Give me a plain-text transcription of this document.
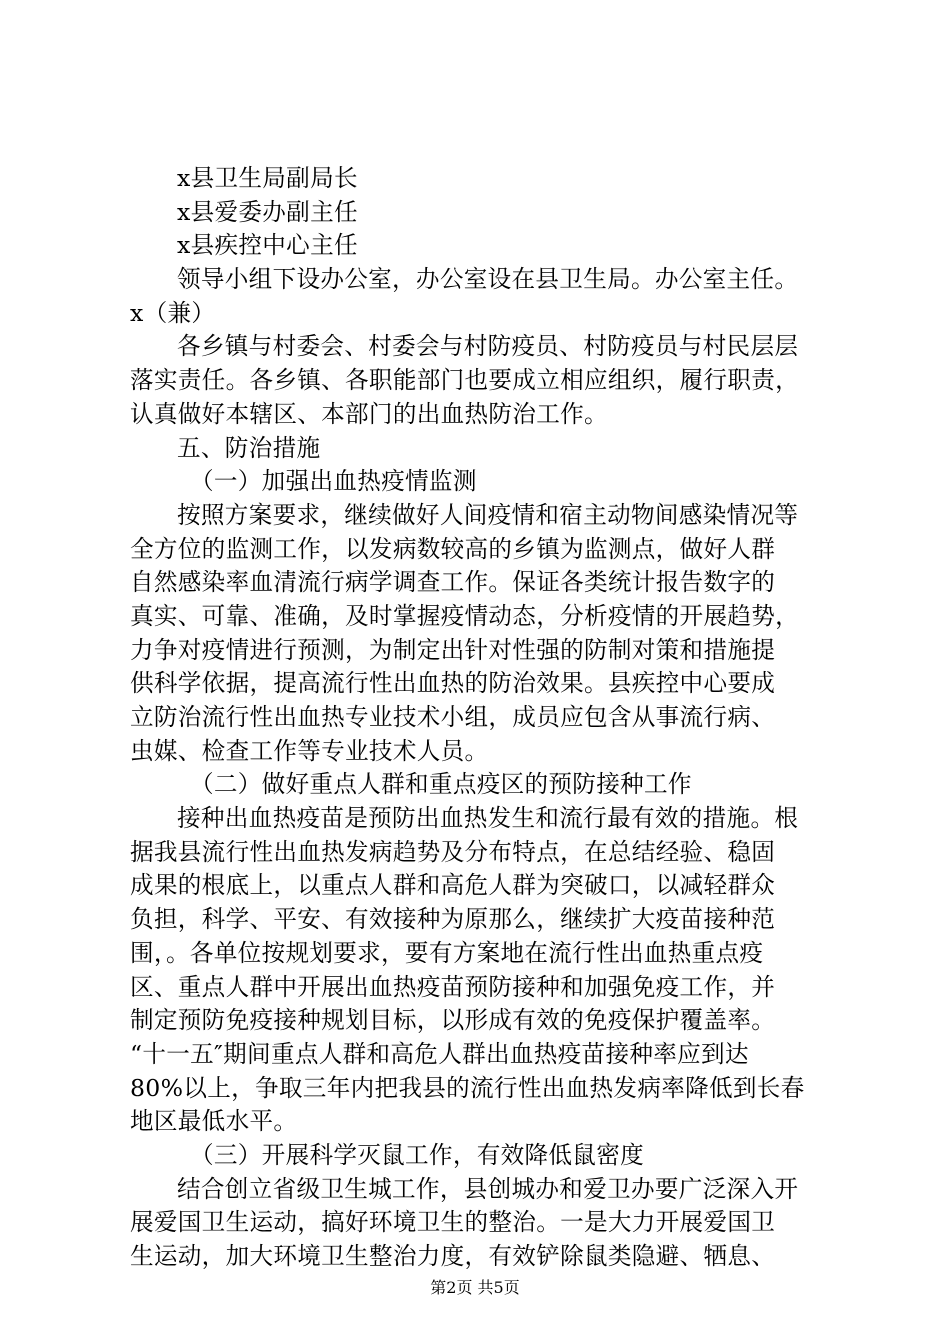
x县卫生局副局长
x县爱委办副主任
x县疾控中心主任
领导小组下设办公室，办公室设在县卫生局。办公室主任。
x（兼）
各乡镇与村委会、村委会与村防疫员、村防疫员与村民层层
落实责任。各乡镇、各职能部门也要成立相应组织，履行职责，
认真做好本辖区、本部门的出血热防治工作。
五、防治措施
（一）加强出血热疫情监测
按照方案要求，继续做好人间疫情和宿主动物间感染情况等
全方位的监测工作，以发病数较高的乡镇为监测点，做好人群
自然感染率血清流行病学调查工作。保证各类统计报告数字的
真实、可靠、准确，及时掌握疫情动态，分析疫情的开展趋势，
力争对疫情进行预测，为制定出针对性强的防制对策和措施提
供科学依据，提高流行性出血热的防治效果。县疾控中心要成
立防治流行性出血热专业技术小组，成员应包含从事流行病、
虫媒、检查工作等专业技术人员。
（二）做好重点人群和重点疫区的预防接种工作
接种出血热疫苗是预防出血热发生和流行最有效的措施。根
据我县流行性出血热发病趋势及分布特点，在总结经验、稳固
成果的根底上，以重点人群和高危人群为突破口，以减轻群众
负担，科学、平安、有效接种为原那么，继续扩大疫苗接种范
围，。各单位按规划要求，要有方案地在流行性出血热重点疫
区、重点人群中开展出血热疫苗预防接种和加强免疫工作，并
制定预防免疫接种规划目标，以形成有效的免疫保护覆盖率。
“十一五″期间重点人群和高危人群出血热疫苗接种率应到达
80%以上，争取三年内把我县的流行性出血热发病率降低到长春
地区最低水平。
（三）开展科学灭鼠工作，有效降低鼠密度
结合创立省级卫生城工作，县创城办和爱卫办要广泛深入开
展爱国卫生运动，搞好环境卫生的整治。一是大力开展爱国卫
生运动，加大环境卫生整治力度，有效铲除鼠类隐避、牺息、
第2页 共5页
